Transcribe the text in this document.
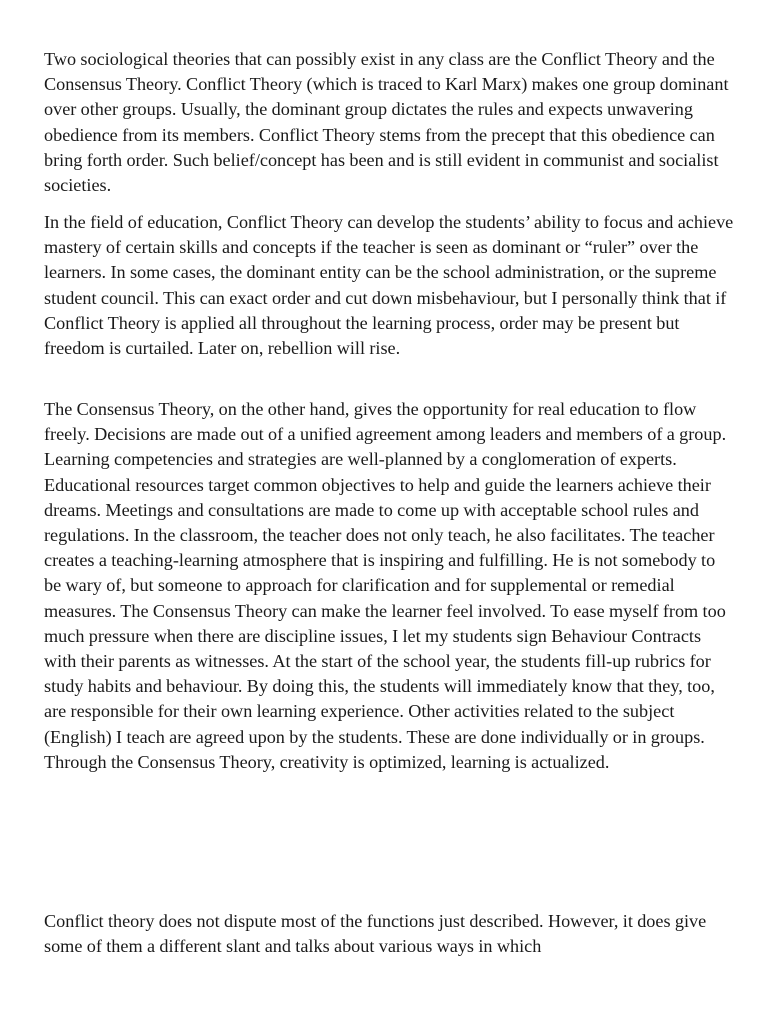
Two sociological theories that can possibly exist in any class are the Conflict Theory and the Consensus Theory. Conflict Theory (which is traced to Karl Marx) makes one group dominant over other groups. Usually, the dominant group dictates the rules and expects unwavering obedience from its members. Conflict Theory stems from the precept that this obedience can bring forth order. Such belief/concept has been and is still evident in communist and socialist societies.

In the field of education, Conflict Theory can develop the students’ ability to focus and achieve mastery of certain skills and concepts if the teacher is seen as dominant or “ruler” over the learners. In some cases, the dominant entity can be the school administration, or the supreme student council. This can exact order and cut down misbehaviour, but I personally think that if Conflict Theory is applied all throughout the learning process, order may be present but freedom is curtailed. Later on, rebellion will rise.

The Consensus Theory, on the other hand, gives the opportunity for real education to flow freely. Decisions are made out of a unified agreement among leaders and members of a group. Learning competencies and strategies are well-planned by a conglomeration of experts. Educational resources target common objectives to help and guide the learners achieve their dreams. Meetings and consultations are made to come up with acceptable school rules and regulations. In the classroom, the teacher does not only teach, he also facilitates. The teacher creates a teaching-learning atmosphere that is inspiring and fulfilling. He is not somebody to be wary of, but someone to approach for clarification and for supplemental or remedial measures. The Consensus Theory can make the learner feel involved. To ease myself from too much pressure when there are discipline issues, I let my students sign Behaviour Contracts with their parents as witnesses. At the start of the school year, the students fill-up rubrics for study habits and behaviour. By doing this, the students will immediately know that they, too, are responsible for their own learning experience. Other activities related to the subject (English) I teach are agreed upon by the students. These are done individually or in groups. Through the Consensus Theory, creativity is optimized, learning is actualized.

Conflict theory does not dispute most of the functions just described. However, it does give some of them a different slant and talks about various ways in which
